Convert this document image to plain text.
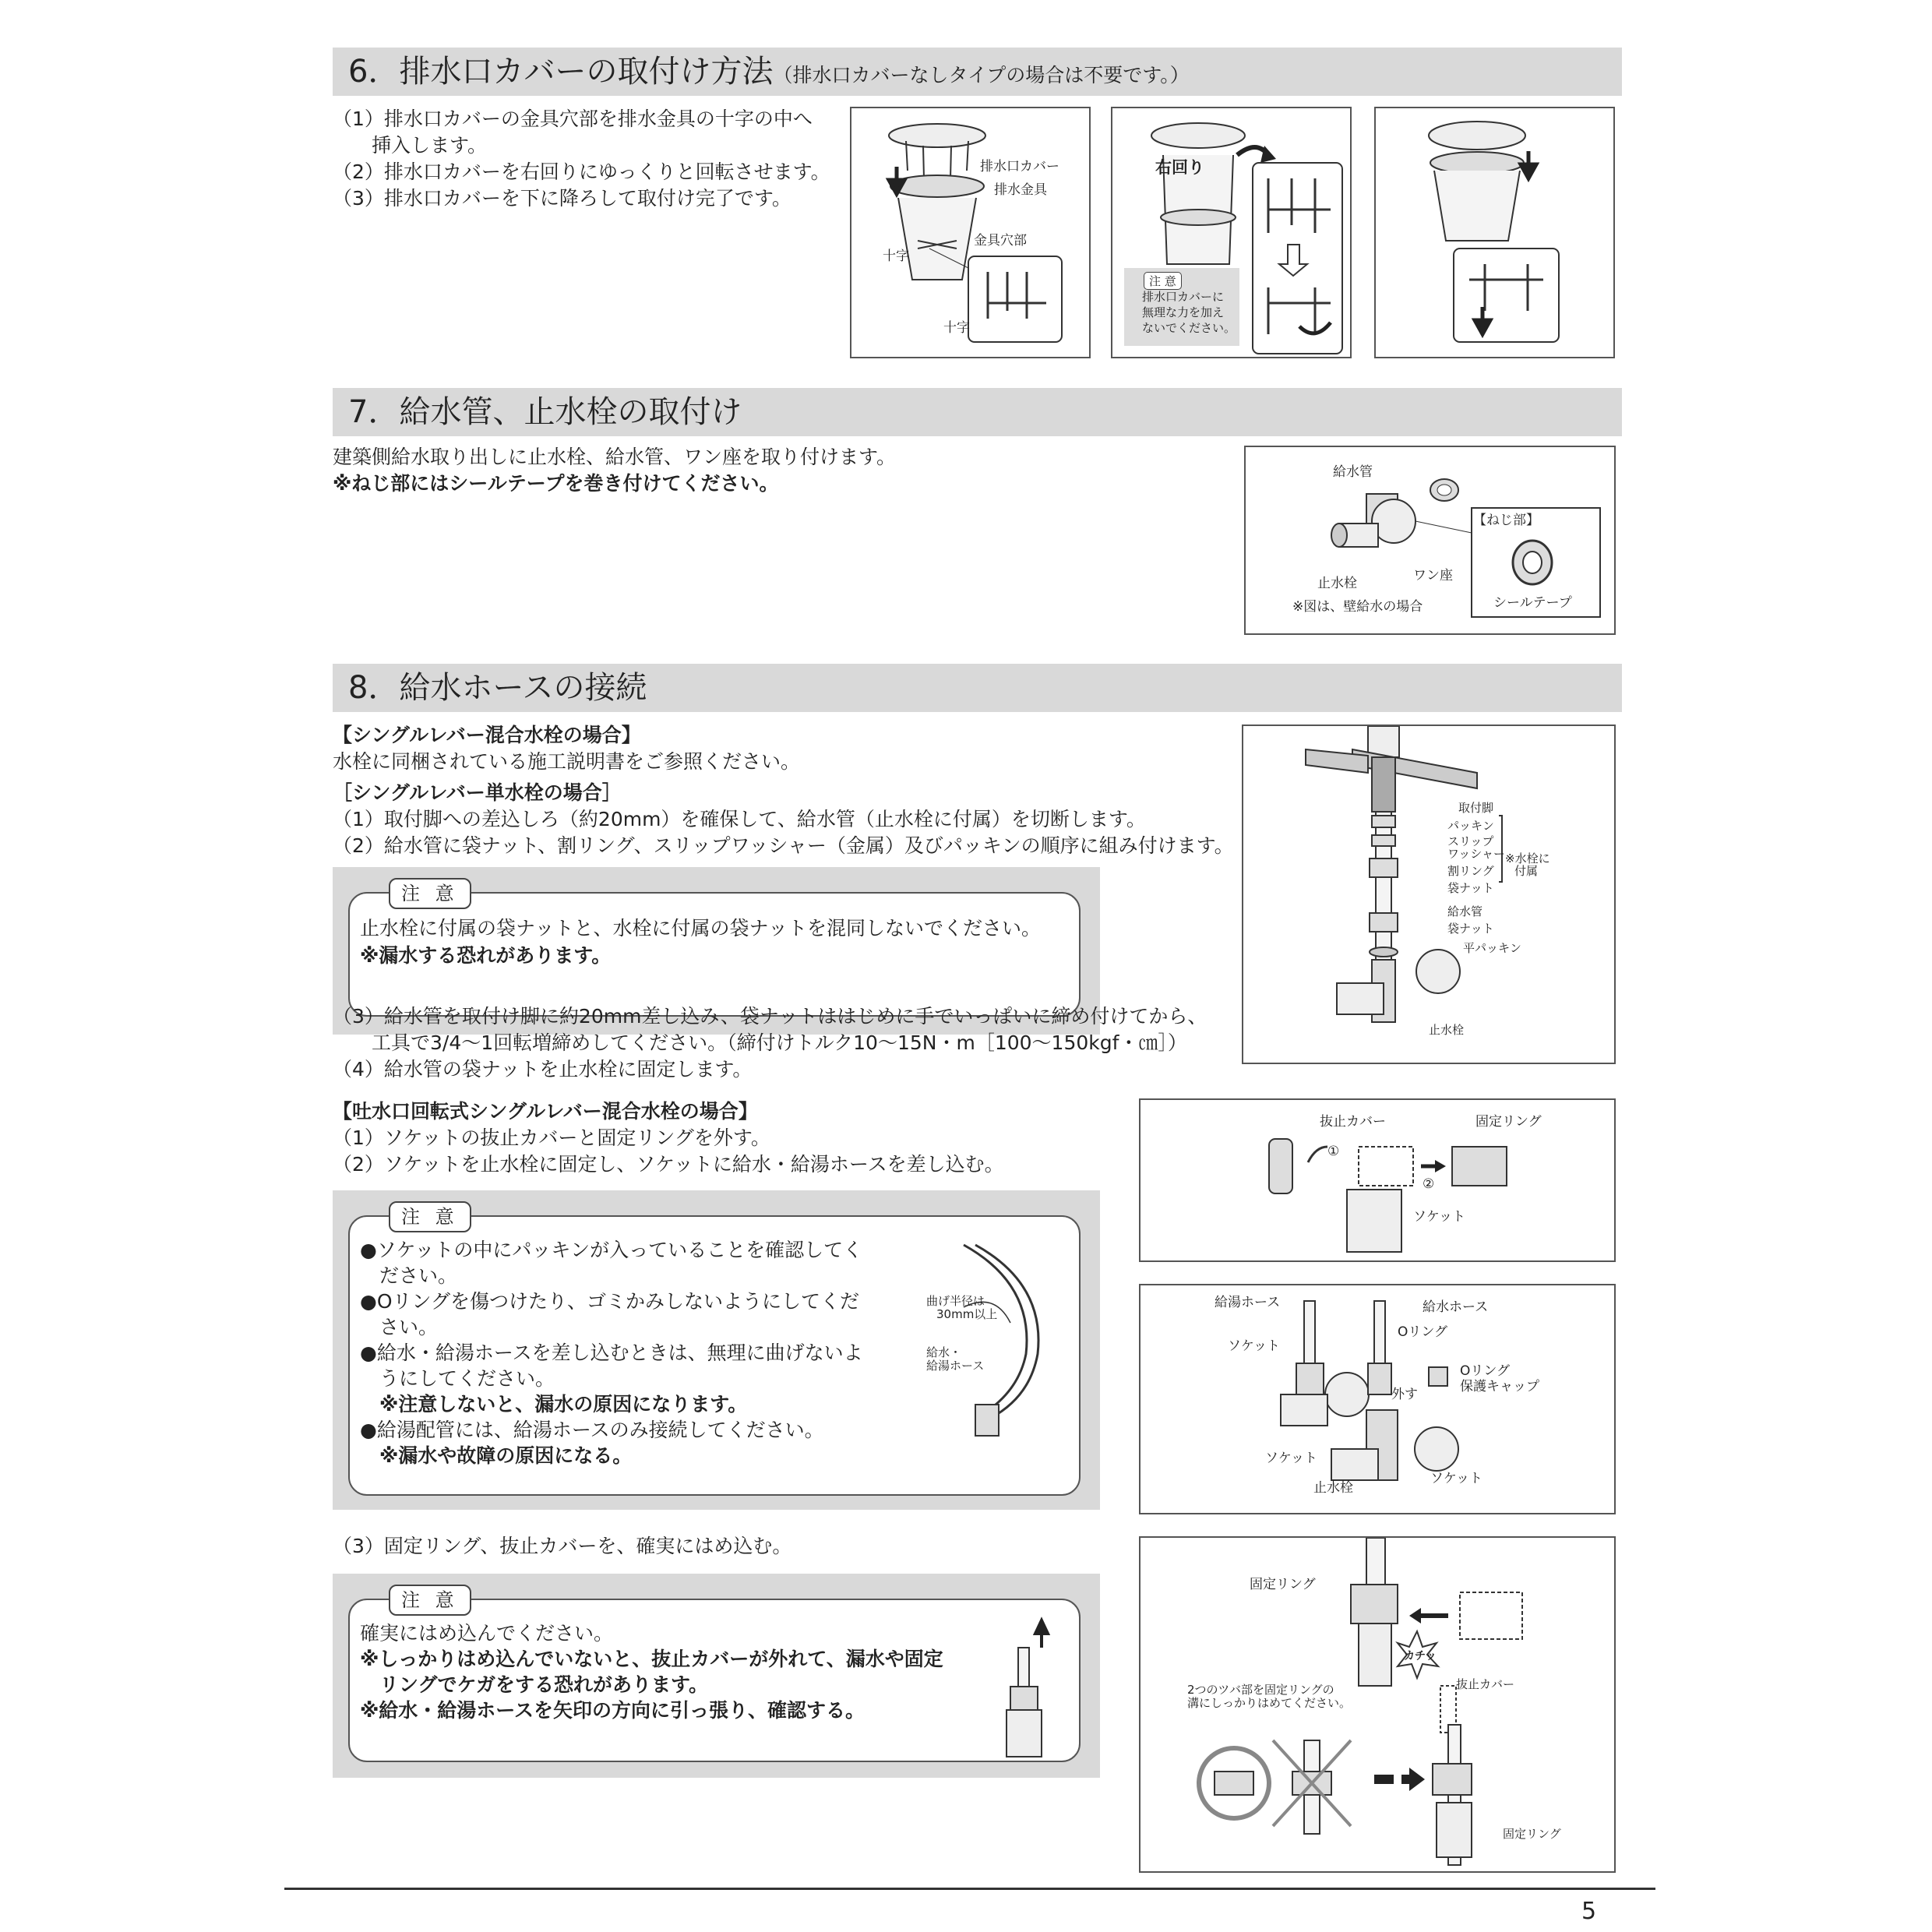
6．排水口カバーの取付け方法（排水口カバーなしタイプの場合は不要です。）
（1）排水口カバーの金具穴部を排水金具の十字の中へ
　　挿入します。
（2）排水口カバーを右回りにゆっくりと回転させます。
（3）排水口カバーを下に降ろして取付け完了です。
排水口カバー
排水金具
金具穴部
十字
十字
右回り
注 意
排水口カバーに
無理な力を加え
ないでください。
7．給水管、止水栓の取付け
建築側給水取り出しに止水栓、給水管、ワン座を取り付けます。
※ねじ部にはシールテープを巻き付けてください。	給水管
【ねじ部】
止水栓	ワン座
※図は、壁給水の場合	シールテープ
8．給水ホースの接続
【シングルレバー混合水栓の場合】
水栓に同梱されている施工説明書をご参照ください。
［シングルレバー単水栓の場合］
（1）取付脚への差込しろ（約20mm）を確保して、給水管（止水栓に付属）を切断します。
（2）給水管に袋ナット、割リング、スリップワッシャー（金属）及びパッキンの順序に組み付けます。
注 意
止水栓に付属の袋ナットと、水栓に付属の袋ナットを混同しないでください。
※漏水する恐れがあります。
（3）給水管を取付け脚に約20mm差し込み、袋ナットははじめに手でいっぱいに締め付けてから、
　　工具で3/4～1回転増締めしてください。（締付けトルク10～15N・m［100～150kgf・㎝］）
（4）給水管の袋ナットを止水栓に固定します。
取付脚
パッキン
スリップ
ワッシャー
割リング
袋ナット
※水栓に
付属
給水管
袋ナット
平パッキン
止水栓
【吐水口回転式シングルレバー混合水栓の場合】
（1）ソケットの抜止カバーと固定リングを外す。
（2）ソケットを止水栓に固定し、ソケットに給水・給湯ホースを差し込む。
注 意
●ソケットの中にパッキンが入っていることを確認してく
　ださい。
●Oリングを傷つけたり、ゴミかみしないようにしてくだ
　さい。
●給水・給湯ホースを差し込むときは、無理に曲げないよ
　うにしてください。
　※注意しないと、漏水の原因になります。
●給湯配管には、給湯ホースのみ接続してください。
　※漏水や故障の原因になる。
曲げ半径は
30mm以上
給水・
給湯ホース
抜止カバー	固定リング
①
②
ソケット
給湯ホース	給水ホース
Oリング
ソケット
外す
Oリング
保護キャップ
ソケット
止水栓
ソケット
（3）固定リング、抜止カバーを、確実にはめ込む。
注 意
確実にはめ込んでください。
※しっかりはめ込んでいないと、抜止カバーが外れて、漏水や固定
　リングでケガをする恐れがあります。
※給水・給湯ホースを矢印の方向に引っ張り、確認する。
固定リング
カチッ
2つのツバ部を固定リングの
溝にしっかりはめてください。
抜止カバー
固定リング
5
